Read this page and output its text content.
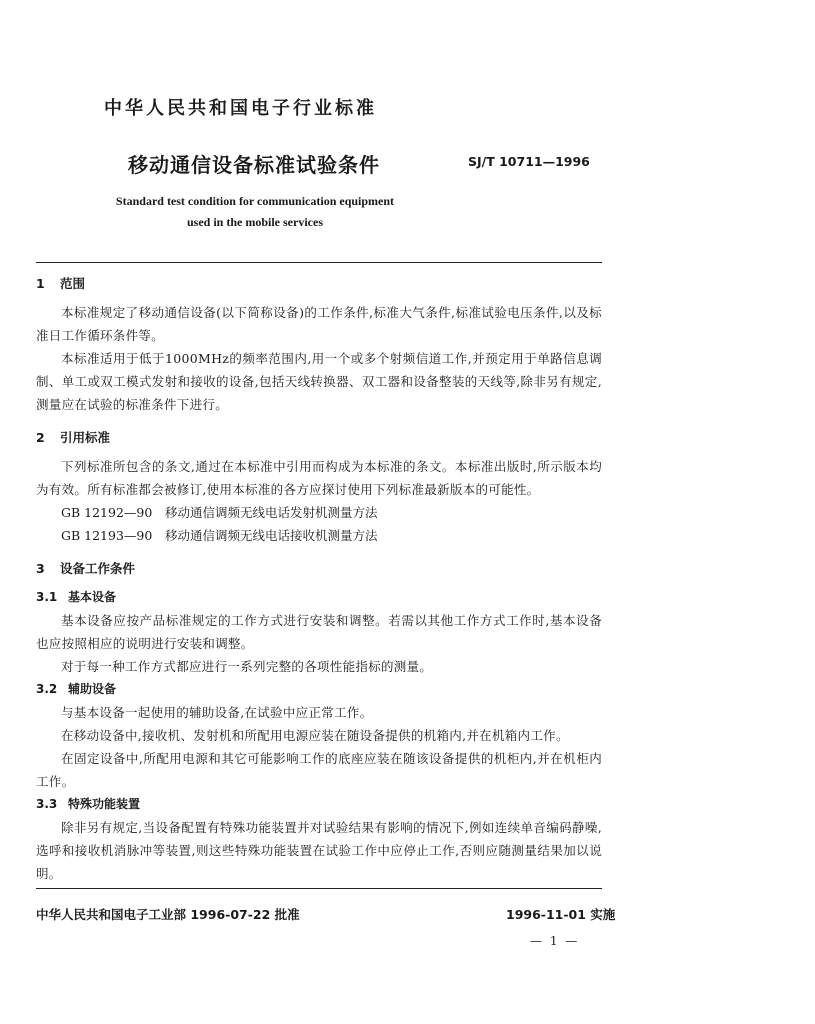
中华人民共和国电子行业标准
移动通信设备标准试验条件	SJ/T 10711—1996
Standard test condition for communication equipment
used in the mobile services

1 范围

本标准规定了移动通信设备(以下简称设备)的工作条件,标准大气条件,标准试验电压条件,以及标准日工作循环条件等。

本标准适用于低于1000MHz的频率范围内,用一个或多个射频信道工作,并预定用于单路信息调制、单工或双工模式发射和接收的设备,包括天线转换器、双工器和设备整装的天线等,除非另有规定,测量应在试验的标准条件下进行。

2 引用标准

下列标准所包含的条文,通过在本标准中引用而构成为本标准的条文。本标准出版时,所示版本均为有效。所有标准都会被修订,使用本标准的各方应探讨使用下列标准最新版本的可能性。

GB 12192—90 移动通信调频无线电话发射机测量方法

GB 12193—90 移动通信调频无线电话接收机测量方法

3 设备工作条件

3.1 基本设备

基本设备应按产品标准规定的工作方式进行安装和调整。若需以其他工作方式工作时,基本设备也应按照相应的说明进行安装和调整。

对于每一种工作方式都应进行一系列完整的各项性能指标的测量。

3.2 辅助设备

与基本设备一起使用的辅助设备,在试验中应正常工作。

在移动设备中,接收机、发射机和所配用电源应装在随设备提供的机箱内,并在机箱内工作。

在固定设备中,所配用电源和其它可能影响工作的底座应装在随该设备提供的机柜内,并在机柜内工作。

3.3 特殊功能装置

除非另有规定,当设备配置有特殊功能装置并对试验结果有影响的情况下,例如连续单音编码静噪,选呼和接收机消脉冲等装置,则这些特殊功能装置在试验工作中应停止工作,否则应随测量结果加以说明。

中华人民共和国电子工业部 1996-07-22 批准	1996-11-01 实施
— 1 —
